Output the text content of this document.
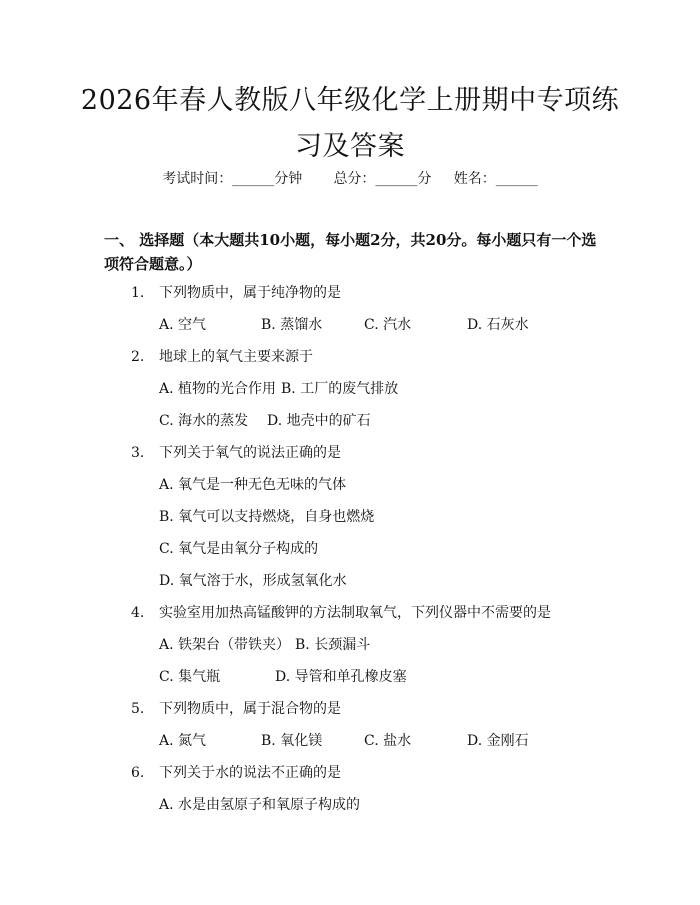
2026年春人教版八年级化学上册期中专项练习及答案
考试时间：______分钟 总分：______分 姓名：______
一、 选择题（本大题共10小题，每小题2分，共20分。每小题只有一个选项符合题意。）
1. 下列物质中，属于纯净物的是
A. 空气	B. 蒸馏水	C. 汽水	D. 石灰水
2. 地球上的氧气主要来源于
A. 植物的光合作用 B. 工厂的废气排放
C. 海水的蒸发 D. 地壳中的矿石
3. 下列关于氧气的说法正确的是
A. 氧气是一种无色无味的气体
B. 氧气可以支持燃烧，自身也燃烧
C. 氧气是由氧分子构成的
D. 氧气溶于水，形成氢氧化水
4. 实验室用加热高锰酸钾的方法制取氧气，下列仪器中不需要的是
A. 铁架台（带铁夹） B. 长颈漏斗
C. 集气瓶	D. 导管和单孔橡皮塞
5. 下列物质中，属于混合物的是
A. 氮气	B. 氧化镁	C. 盐水	D. 金刚石
6. 下列关于水的说法不正确的是
A. 水是由氢原子和氧原子构成的
